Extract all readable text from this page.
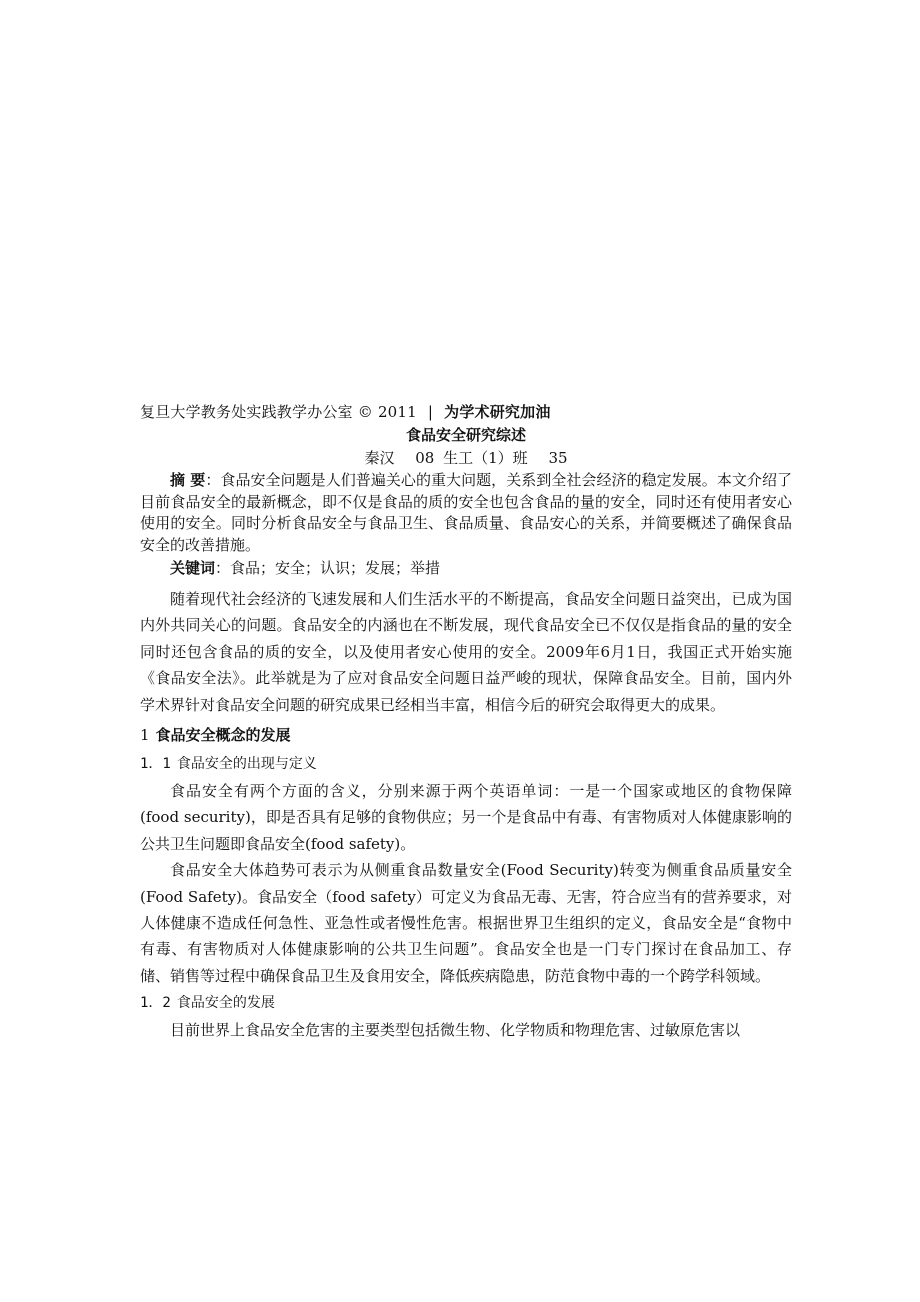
复旦大学教务处实践教学办公室 © 2011 | 为学术研究加油
食品安全研究综述
秦汉 08 生工（1）班 35

摘 要：食品安全问题是人们普遍关心的重大问题，关系到全社会经济的稳定发展。本文介绍了目前食品安全的最新概念，即不仅是食品的质的安全也包含食品的量的安全，同时还有使用者安心使用的安全。同时分析食品安全与食品卫生、食品质量、食品安心的关系，并简要概述了确保食品安全的改善措施。

关键词：食品；安全；认识；发展；举措

随着现代社会经济的飞速发展和人们生活水平的不断提高，食品安全问题日益突出，已成为国内外共同关心的问题。食品安全的内涵也在不断发展，现代食品安全已不仅仅是指食品的量的安全同时还包含食品的质的安全，以及使用者安心使用的安全。2009年6月1日，我国正式开始实施《食品安全法》。此举就是为了应对食品安全问题日益严峻的现状，保障食品安全。目前，国内外学术界针对食品安全问题的研究成果已经相当丰富，相信今后的研究会取得更大的成果。

1 食品安全概念的发展
1．1 食品安全的出现与定义

食品安全有两个方面的含义，分别来源于两个英语单词：一是一个国家或地区的食物保障(food security)，即是否具有足够的食物供应；另一个是食品中有毒、有害物质对人体健康影响的公共卫生问题即食品安全(food safety)。

食品安全大体趋势可表示为从侧重食品数量安全(Food Security)转变为侧重食品质量安全(Food Safety)。食品安全（food safety）可定义为食品无毒、无害，符合应当有的营养要求，对人体健康不造成任何急性、亚急性或者慢性危害。根据世界卫生组织的定义，食品安全是“食物中有毒、有害物质对人体健康影响的公共卫生问题”。食品安全也是一门专门探讨在食品加工、存储、销售等过程中确保食品卫生及食用安全，降低疾病隐患，防范食物中毒的一个跨学科领域。

1．2 食品安全的发展

目前世界上食品安全危害的主要类型包括微生物、化学物质和物理危害、过敏原危害以
